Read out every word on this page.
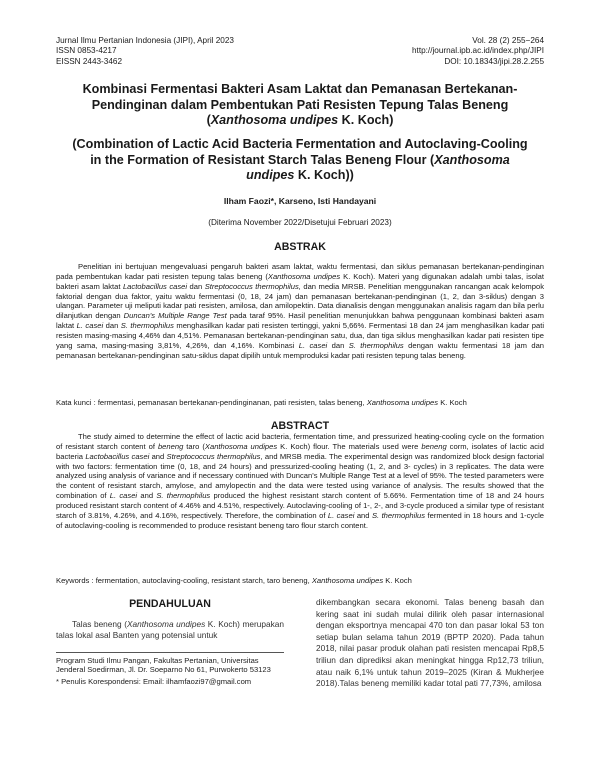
Jurnal Ilmu Pertanian Indonesia (JIPI), April 2023
ISSN 0853-4217
EISSN 2443-3462
Vol. 28 (2) 255−264
http://journal.ipb.ac.id/index.php/JIPI
DOI: 10.18343/jipi.28.2.255
Kombinasi Fermentasi Bakteri Asam Laktat dan Pemanasan Bertekanan-
Pendinginan dalam Pembentukan Pati Resisten Tepung Talas Beneng
(Xanthosoma undipes K. Koch)
(Combination of Lactic Acid Bacteria Fermentation and Autoclaving-Cooling
in the Formation of Resistant Starch Talas Beneng Flour (Xanthosoma
undipes K. Koch))
Ilham Faozi*, Karseno, Isti Handayani
(Diterima November 2022/Disetujui Februari 2023)
ABSTRAK
Penelitian ini bertujuan mengevaluasi pengaruh bakteri asam laktat, waktu fermentasi, dan siklus pemanasan bertekanan-pendinginan pada pembentukan kadar pati resisten tepung talas beneng (Xanthosoma undipes K. Koch). Materi yang digunakan adalah umbi talas, isolat bakteri asam laktat Lactobacillus casei dan Streptococcus thermophilus, dan media MRSB. Penelitian menggunakan rancangan acak kelompok faktorial dengan dua faktor, yaitu waktu fermentasi (0, 18, 24 jam) dan pemanasan bertekanan-pendinginan (1, 2, dan 3-siklus) dengan 3 ulangan. Parameter uji meliputi kadar pati resisten, amilosa, dan amilopektin. Data dianalisis dengan menggunakan analisis ragam dan bila perlu dilanjutkan dengan Duncan's Multiple Range Test pada taraf 95%. Hasil penelitian menunjukkan bahwa penggunaan kombinasi bakteri asam laktat L. casei dan S. thermophilus menghasilkan kadar pati resisten tertinggi, yakni 5,66%. Fermentasi 18 dan 24 jam menghasilkan kadar pati resisten masing-masing 4,46% dan 4,51%. Pemanasan bertekanan-pendinginan satu, dua, dan tiga siklus menghasilkan kadar pati resisten tipe yang sama, masing-masing 3,81%, 4,26%, dan 4,16%. Kombinasi L. casei dan S. thermophilus dengan waktu fermentasi 18 jam dan pemanasan bertekanan-pendinginan satu-siklus dapat dipilih untuk memproduksi kadar pati resisten tepung talas beneng.
Kata kunci : fermentasi, pemanasan bertekanan-pendinginanan, pati resisten, talas beneng, Xanthosoma undipes K. Koch
ABSTRACT
The study aimed to determine the effect of lactic acid bacteria, fermentation time, and pressurized heating-cooling cycle on the formation of resistant starch content of beneng taro (Xanthosoma undipes K. Koch) flour. The materials used were beneng corm, isolates of lactic acid bacteria Lactobacillus casei and Streptococcus thermophilus, and MRSB media. The experimental design was randomized block design factorial with two factors: fermentation time (0, 18, and 24 hours) and pressurized-cooling heating (1, 2, and 3- cycles) in 3 replicates. The data were analyzed using analysis of variance and if necessary continued with Duncan's Multiple Range Test at a level of 95%. The tested parameters were the content of resistant starch, amylose, and amylopectin and the data were tested using variance of analysis. The results showed that the combination of L. casei and S. thermophilus produced the highest resistant starch content of 5.66%. Fermentation time of 18 and 24 hours produced resistant starch content of 4.46% and 4.51%, respectively. Autoclaving-cooling of 1-, 2-, and 3-cycle produced a similar type of resistant starch of 3.81%, 4.26%, and 4.16%, respectively. Therefore, the combination of L. casei and S. thermophilus fermented in 18 hours and 1-cycle of autoclaving-cooling is recommended to produce resistant beneng taro flour starch content.
Keywords : fermentation, autoclaving-cooling, resistant starch, taro beneng, Xanthosoma undipes K. Koch
PENDAHULUAN
Talas beneng (Xanthosoma undipes K. Koch) merupakan talas lokal asal Banten yang potensial untuk
Program Studi Ilmu Pangan, Fakultas Pertanian, Universitas Jenderal Soedirman, Jl. Dr. Soeparno No 61, Purwokerto 53123
* Penulis Korespondensi: Email: ilhamfaozi97@gmail.com
dikembangkan secara ekonomi. Talas beneng basah dan kering saat ini sudah mulai dilirik oleh pasar internasional dengan eksportnya mencapai 470 ton dan pasar lokal 53 ton setiap bulan selama tahun 2019 (BPTP 2020). Pada tahun 2018, nilai pasar produk olahan pati resisten mencapai Rp8,5 triliun dan diprediksi akan meningkat hingga Rp12,73 triliun, atau naik 6,1% untuk tahun 2019–2025 (Kiran & Mukherjee 2018).Talas beneng memiliki kadar total pati 77,73%, amilosa
